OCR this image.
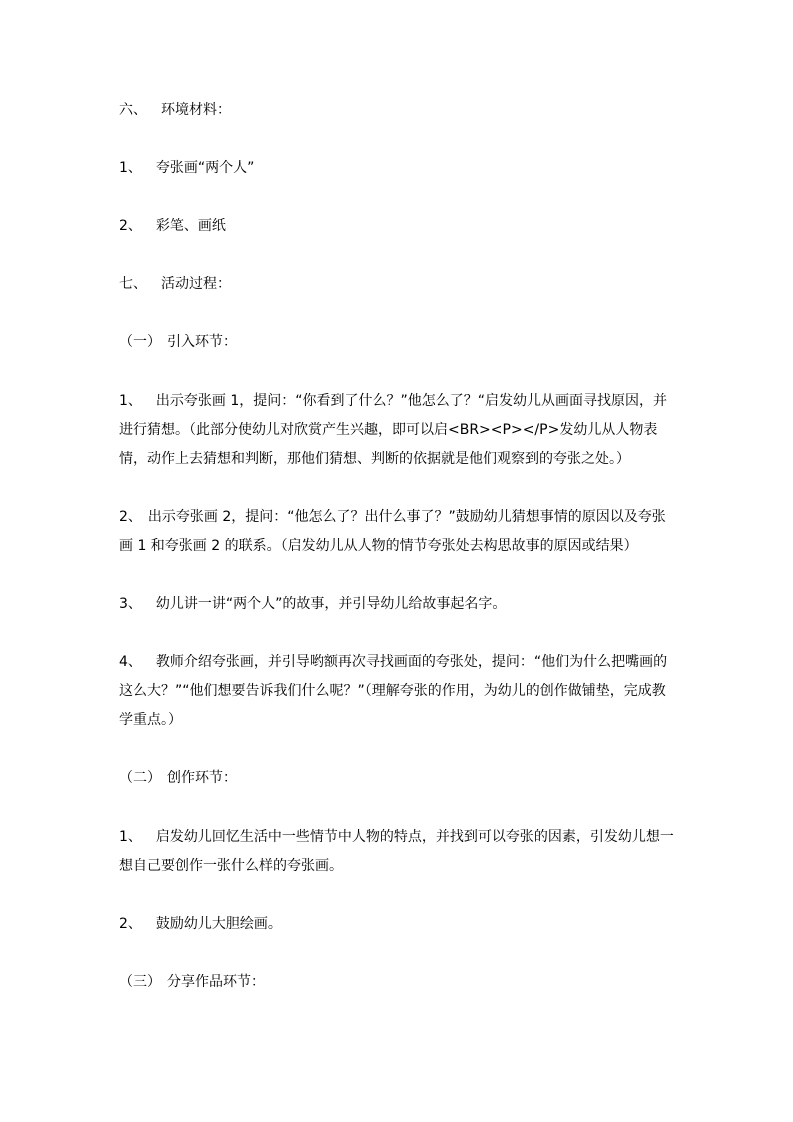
六、 环境材料：

1、 夸张画“两个人”

2、 彩笔、画纸

七、 活动过程：

（一） 引入环节：

1、 出示夸张画 1，提问：“你看到了什么？”他怎么了？“启发幼儿从画面寻找原因，并进行猜想。（此部分使幼儿对欣赏产生兴趣，即可以启<BR><P></P>发幼儿从人物表情，动作上去猜想和判断，那他们猜想、判断的依据就是他们观察到的夸张之处。）

2、 出示夸张画 2，提问：“他怎么了？出什么事了？”鼓励幼儿猜想事情的原因以及夸张画 1 和夸张画 2 的联系。（启发幼儿从人物的情节夸张处去构思故事的原因或结果）

3、 幼儿讲一讲“两个人”的故事，并引导幼儿给故事起名字。

4、 教师介绍夸张画，并引导哟额再次寻找画面的夸张处，提问：“他们为什么把嘴画的这么大？”“他们想要告诉我们什么呢？”（理解夸张的作用，为幼儿的创作做铺垫，完成教学重点。）

（二） 创作环节：

1、 启发幼儿回忆生活中一些情节中人物的特点，并找到可以夸张的因素，引发幼儿想一想自己要创作一张什么样的夸张画。

2、 鼓励幼儿大胆绘画。

（三） 分享作品环节：
